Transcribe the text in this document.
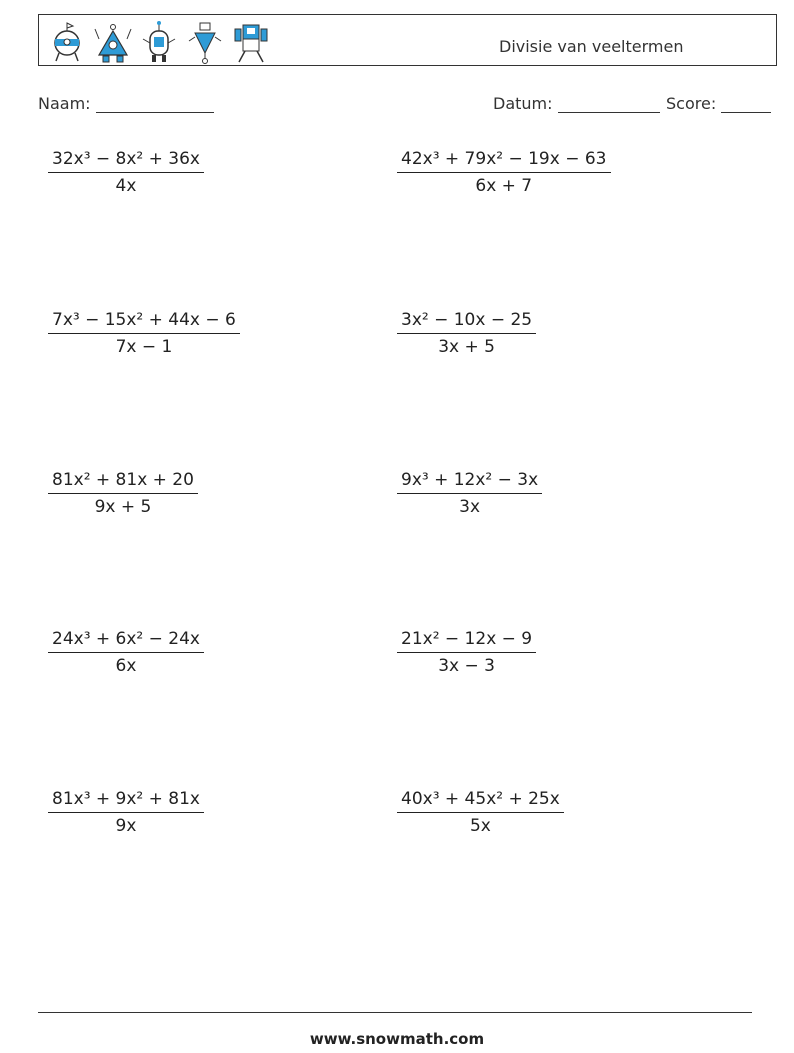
Divisie van veeltermen
Naam:	Datum:	Score:
$\frac{\text{32x³ − 8x² + 36x}}{4x}$	$\frac{\text{42x³ + 79x² − 19x − 63}}{6x + 7}$
$\frac{\text{7x³ − 15x² + 44x − 6}}{7x - 1}$	$\frac{\text{3x² − 10x − 25}}{3x + 5}$
$\frac{\text{81x² + 81x + 20}}{9x + 5}$	$\frac{\text{9x³ + 12x² − 3x}}{3x}$
$\frac{\text{24x³ + 6x² − 24x}}{6x}$	$\frac{\text{21x² − 12x − 9}}{3x - 3}$
$\frac{\text{81x³ + 9x² + 81x}}{9x}$	$\frac{\text{40x³ + 45x² + 25x}}{5x}$
www.snowmath.com
